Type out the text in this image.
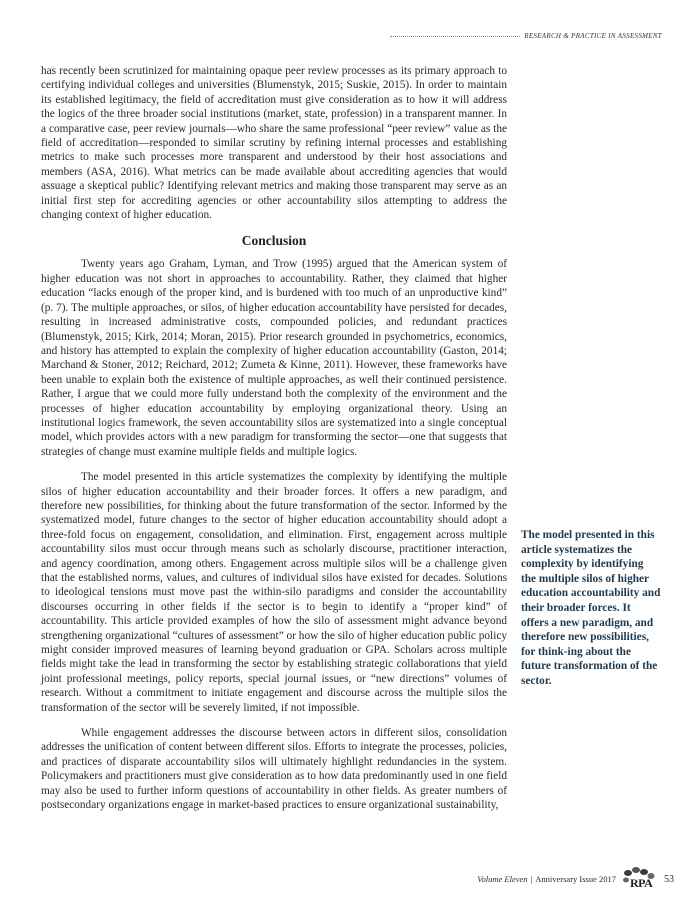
RESEARCH & PRACTICE IN ASSESSMENT

has recently been scrutinized for maintaining opaque peer review processes as its primary approach to certifying individual colleges and universities (Blumenstyk, 2015; Suskie, 2015). In order to maintain its established legitimacy, the field of accreditation must give consideration as to how it will address the logics of the three broader social institutions (market, state, profession) in a transparent manner. In a comparative case, peer review journals—who share the same professional “peer review” value as the field of accreditation—responded to similar scrutiny by refining internal processes and establishing metrics to make such processes more transparent and understood by their host associations and members (ASA, 2016). What metrics can be made available about accrediting agencies that would assuage a skeptical public? Identifying relevant metrics and making those transparent may serve as an initial first step for accrediting agencies or other accountability silos attempting to address the changing context of higher education.

Conclusion

Twenty years ago Graham, Lyman, and Trow (1995) argued that the American system of higher education was not short in approaches to accountability. Rather, they claimed that higher education “lacks enough of the proper kind, and is burdened with too much of an unproductive kind” (p. 7). The multiple approaches, or silos, of higher education accountability have persisted for decades, resulting in increased administrative costs, compounded policies, and redundant practices (Blumenstyk, 2015; Kirk, 2014; Moran, 2015). Prior research grounded in psychometrics, economics, and history has attempted to explain the complexity of higher education accountability (Gaston, 2014; Marchand & Stoner, 2012; Reichard, 2012; Zumeta & Kinne, 2011). However, these frameworks have been unable to explain both the existence of multiple approaches, as well their continued persistence. Rather, I argue that we could more fully understand both the complexity of the environment and the processes of higher education accountability by employing organizational theory. Using an institutional logics framework, the seven accountability silos are systematized into a single conceptual model, which provides actors with a new paradigm for transforming the sector—one that suggests that strategies of change must examine multiple fields and multiple logics.

The model presented in this article systematizes the complexity by identifying the multiple silos of higher education accountability and their broader forces. It offers a new paradigm, and therefore new possibilities, for thinking about the future transformation of the sector. Informed by the systematized model, future changes to the sector of higher education accountability should adopt a three-fold focus on engagement, consolidation, and elimination. First, engagement across multiple accountability silos must occur through means such as scholarly discourse, practitioner interaction, and agency coordination, among others. Engagement across multiple silos will be a challenge given that the established norms, values, and cultures of individual silos have existed for decades. Solutions to ideological tensions must move past the within-silo paradigms and consider the accountability discourses occurring in other fields if the sector is to begin to identify a “proper kind” of accountability. This article provided examples of how the silo of assessment might advance beyond strengthening organizational “cultures of assessment” or how the silo of higher education public policy might consider improved measures of learning beyond graduation or GPA. Scholars across multiple fields might take the lead in transforming the sector by establishing strategic collaborations that yield joint professional meetings, policy reports, special journal issues, or “new directions” volumes of research. Without a commitment to initiate engagement and discourse across the multiple silos the transformation of the sector will be severely limited, if not impossible.

While engagement addresses the discourse between actors in different silos, consolidation addresses the unification of content between different silos. Efforts to integrate the processes, policies, and practices of disparate accountability silos will ultimately highlight redundancies in the system. Policymakers and practitioners must give consideration as to how data predominantly used in one field may also be used to further inform questions of accountability in other fields. As greater numbers of postsecondary organizations engage in market-based practices to ensure organizational sustainability,

The model presented in this article systematizes the complexity by identifying the multiple silos of higher education accountability and their broader forces. It offers a new paradigm, and therefore new possibilities, for think-ing about the future transformation of the sector.
Volume Eleven | Anniversary Issue 2017 RPA 53
